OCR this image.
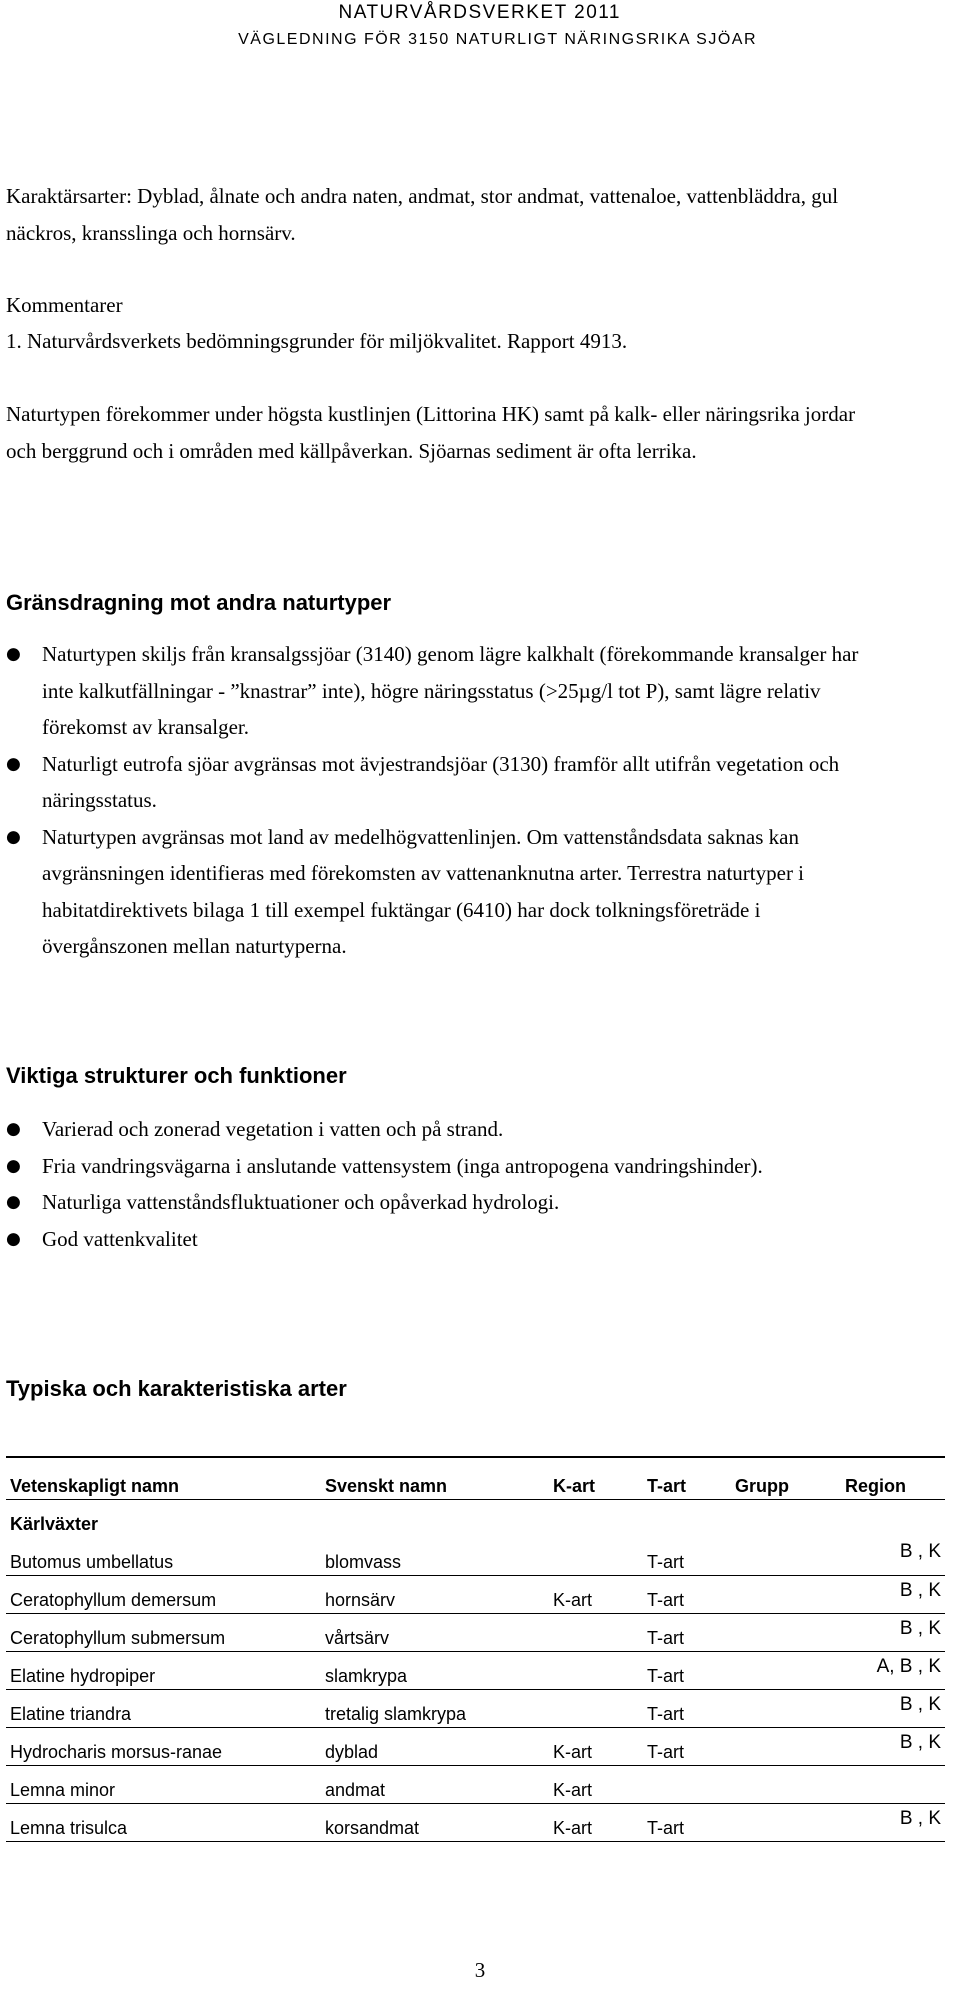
NATURVÅRDSVERKET 2011
VÄGLEDNING FÖR 3150 NATURLIGT NÄRINGSRIKA SJÖAR

Karaktärsarter: Dyblad, ålnate och andra naten, andmat, stor andmat, vattenaloe, vattenbläddra, gul näckros, kransslinga och hornsärv.

Kommentarer

1. Naturvårdsverkets bedömningsgrunder för miljökvalitet. Rapport 4913.

Naturtypen förekommer under högsta kustlinjen (Littorina HK) samt på kalk- eller näringsrika jordar och berggrund och i områden med källpåverkan. Sjöarnas sediment är ofta lerrika.

Gränsdragning mot andra naturtyper
● Naturtypen skiljs från kransalgssjöar (3140) genom lägre kalkhalt (förekommande kransalger har inte kalkutfällningar - ”knastrar” inte), högre näringsstatus (>25µg/l tot P), samt lägre relativ förekomst av kransalger.
● Naturligt eutrofa sjöar avgränsas mot ävjestrandsjöar (3130) framför allt utifrån vegetation och näringsstatus.
● Naturtypen avgränsas mot land av medelhögvattenlinjen. Om vattenståndsdata saknas kan avgränsningen identifieras med förekomsten av vattenanknutna arter. Terrestra naturtyper i habitatdirektivets bilaga 1 till exempel fuktängar (6410) har dock tolkningsföreträde i övergånszonen mellan naturtyperna.
Viktiga strukturer och funktioner
● Varierad och zonerad vegetation i vatten och på strand.
● Fria vandringsvägarna i anslutande vattensystem (inga antropogena vandringshinder).
● Naturliga vattenståndsfluktuationer och opåverkad hydrologi.
● God vattenkvalitet
Typiska och karakteristiska arter
Vetenskapligt namn	Svenskt namn	K-art	T-art	Grupp	Region
Kärlväxter					
Butomus umbellatus	blomvass		T-art		B , K
Ceratophyllum demersum	hornsärv	K-art	T-art		B , K
Ceratophyllum submersum	vårtsärv		T-art		B , K
Elatine hydropiper	slamkrypa		T-art		A, B , K
Elatine triandra	tretalig slamkrypa		T-art		B , K
Hydrocharis morsus-ranae	dyblad	K-art	T-art		B , K
Lemna minor	andmat	K-art			
Lemna trisulca	korsandmat	K-art	T-art		B , K
3
